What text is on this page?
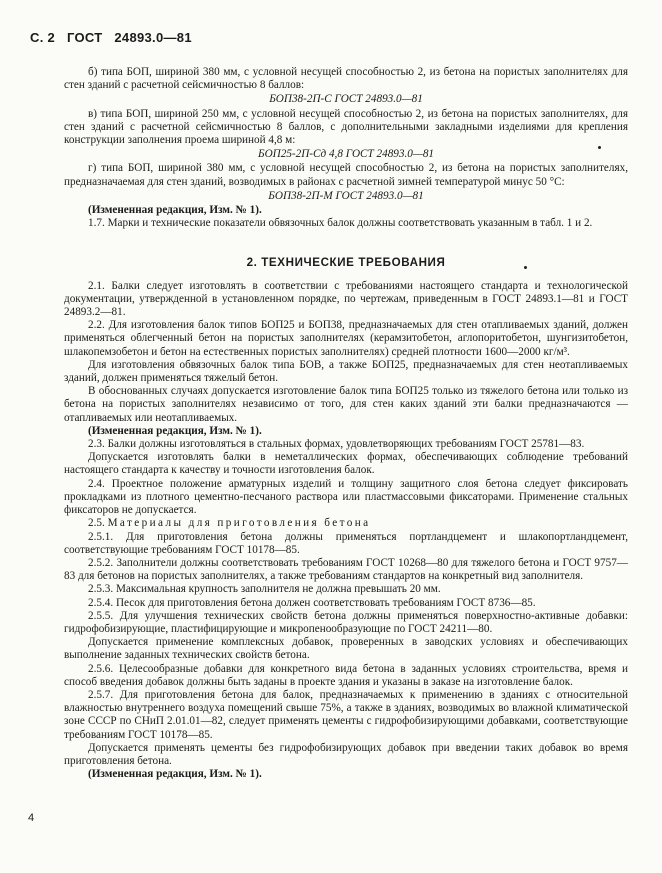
С. 2 ГОСТ 24893.0—81

б) типа БОП, шириной 380 мм, с условной несущей способностью 2, из бетона на пористых заполнителях для стен зданий с расчетной сейсмичностью 8 баллов:

БОП38-2П-С ГОСТ 24893.0—81

в) типа БОП, шириной 250 мм, с условной несущей способностью 2, из бетона на пористых заполнителях, для стен зданий с расчетной сейсмичностью 8 баллов, с дополнительными закладными изделиями для крепления конструкции заполнения проема шириной 4,8 м:

БОП25-2П-Сд 4,8 ГОСТ 24893.0—81

г) типа БОП, шириной 380 мм, с условной несущей способностью 2, из бетона на пористых заполнителях, предназначаемая для стен зданий, возводимых в районах с расчетной зимней температурой минус 50 °С:

БОП38-2П-М ГОСТ 24893.0—81

(Измененная редакция, Изм. № 1).

1.7. Марки и технические показатели обвязочных балок должны соответствовать указанным в табл. 1 и 2.

2. ТЕХНИЧЕСКИЕ ТРЕБОВАНИЯ

2.1. Балки следует изготовлять в соответствии с требованиями настоящего стандарта и технологической документации, утвержденной в установленном порядке, по чертежам, приведенным в ГОСТ 24893.1—81 и ГОСТ 24893.2—81.

2.2. Для изготовления балок типов БОП25 и БОП38, предназначаемых для стен отапливаемых зданий, должен применяться облегченный бетон на пористых заполнителях (керамзитобетон, аглопоритобетон, шунгизитобетон, шлакопемзобетон и бетон на естественных пористых заполнителях) средней плотности 1600—2000 кг/м³.

Для изготовления обвязочных балок типа БОВ, а также БОП25, предназначаемых для стен неотапливаемых зданий, должен применяться тяжелый бетон.

В обоснованных случаях допускается изготовление балок типа БОП25 только из тяжелого бетона или только из бетона на пористых заполнителях независимо от того, для стен каких зданий эти балки предназначаются — отапливаемых или неотапливаемых.

(Измененная редакция, Изм. № 1).

2.3. Балки должны изготовляться в стальных формах, удовлетворяющих требованиям ГОСТ 25781—83.

Допускается изготовлять балки в неметаллических формах, обеспечивающих соблюдение требований настоящего стандарта к качеству и точности изготовления балок.

2.4. Проектное положение арматурных изделий и толщину защитного слоя бетона следует фиксировать прокладками из плотного цементно-песчаного раствора или пластмассовыми фиксаторами. Применение стальных фиксаторов не допускается.

2.5. Материалы для приготовления бетона

2.5.1. Для приготовления бетона должны применяться портландцемент и шлакопортландцемент, соответствующие требованиям ГОСТ 10178—85.

2.5.2. Заполнители должны соответствовать требованиям ГОСТ 10268—80 для тяжелого бетона и ГОСТ 9757—83 для бетонов на пористых заполнителях, а также требованиям стандартов на конкретный вид заполнителя.

2.5.3. Максимальная крупность заполнителя не должна превышать 20 мм.

2.5.4. Песок для приготовления бетона должен соответствовать требованиям ГОСТ 8736—85.

2.5.5. Для улучшения технических свойств бетона должны применяться поверхностно-активные добавки: гидрофобизирующие, пластифицирующие и микропенообразующие по ГОСТ 24211—80.

Допускается применение комплексных добавок, проверенных в заводских условиях и обеспечивающих выполнение заданных технических свойств бетона.

2.5.6. Целесообразные добавки для конкретного вида бетона в заданных условиях строительства, время и способ введения добавок должны быть заданы в проекте здания и указаны в заказе на изготовление балок.

2.5.7. Для приготовления бетона для балок, предназначаемых к применению в зданиях с относительной влажностью внутреннего воздуха помещений свыше 75%, а также в зданиях, возводимых во влажной климатической зоне СССР по СНиП 2.01.01—82, следует применять цементы с гидрофобизирующими добавками, соответствующие требованиям ГОСТ 10178—85.

Допускается применять цементы без гидрофобизирующих добавок при введении таких добавок во время приготовления бетона.

(Измененная редакция, Изм. № 1).

4
